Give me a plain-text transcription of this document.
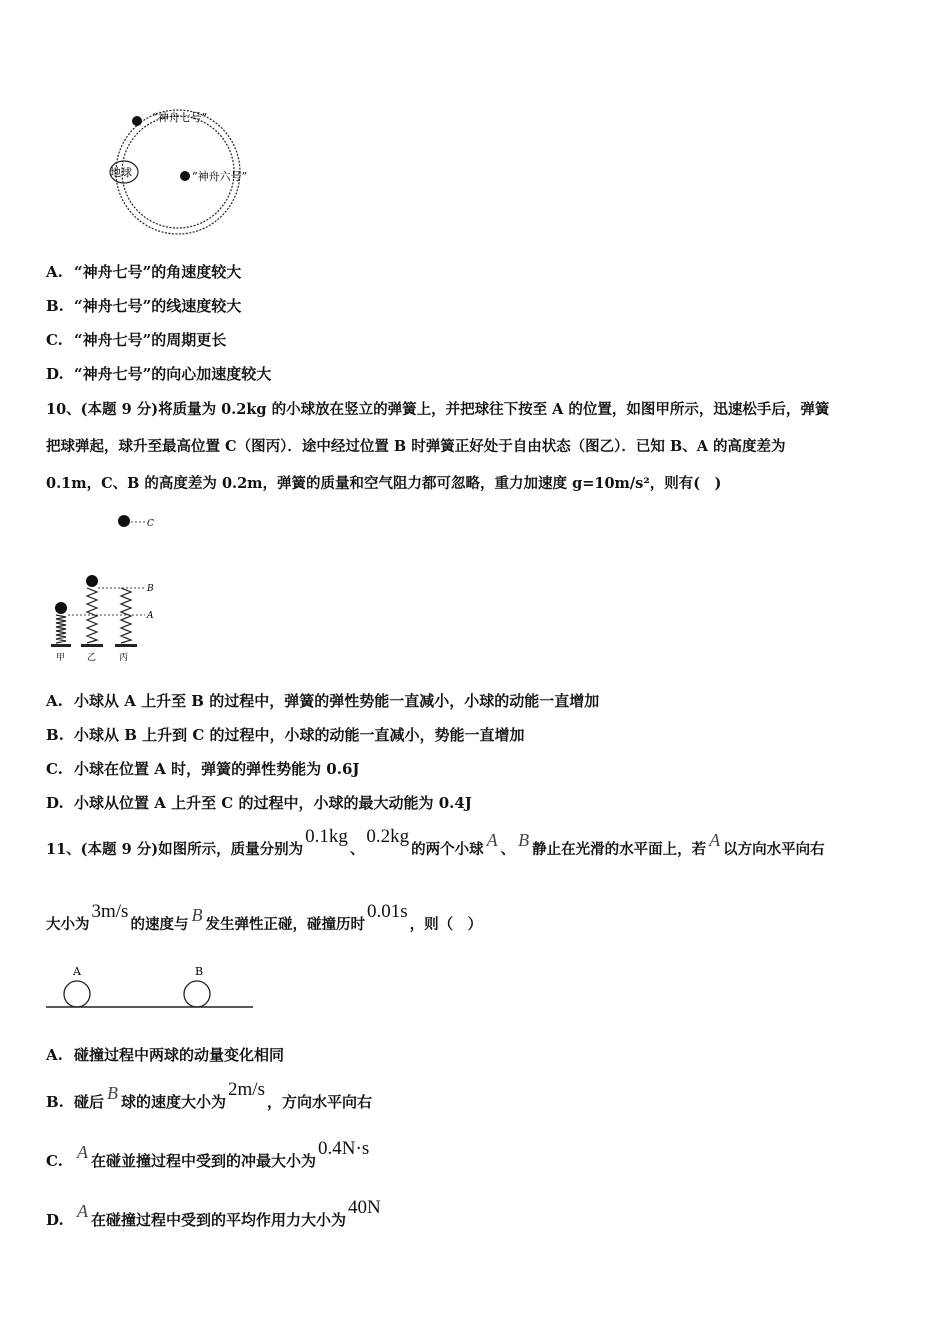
地球
“神舟七号”
“神舟六号”
A. “神舟七号”的角速度较大
B. “神舟七号”的线速度较大
C. “神舟七号”的周期更长
D. “神舟七号”的向心加速度较大
10、(本题 9 分)将质量为 0.2kg 的小球放在竖立的弹簧上，并把球往下按至 A 的位置，如图甲所示，迅速松手后，弹簧
把球弹起，球升至最高位置 C（图丙）．途中经过位置 B 时弹簧正好处于自由状态（图乙）．已知 B、A 的高度差为
0.1m，C、B 的高度差为 0.2m，弹簧的质量和空气阻力都可忽略，重力加速度 g=10m/s²，则有(　)
C
B
A
甲 乙	丙
A. 小球从 A 上升至 B 的过程中，弹簧的弹性势能一直减小，小球的动能一直增加
B. 小球从 B 上升到 C 的过程中，小球的动能一直减小，势能一直增加
C. 小球在位置 A 时，弹簧的弹性势能为 0.6J
D. 小球从位置 A 上升至 C 的过程中，小球的最大动能为 0.4J
11、(本题 9 分)如图所示，质量分别为0.1kg、0.2kg的两个小球 A 、 B 静止在光滑的水平面上，若 A 以方向水平向右
大小为3m/s的速度与 B 发生弹性正碰，碰撞历时0.01s，则（　）
A	B
A. 碰撞过程中两球的动量变化相同
B. 碰后 B 球的速度大小为2m/s，方向水平向右
C. A 在碰並撞过程中受到的冲最大小为0.4N·s
D. A 在碰撞过程中受到的平均作用力大小为40N
